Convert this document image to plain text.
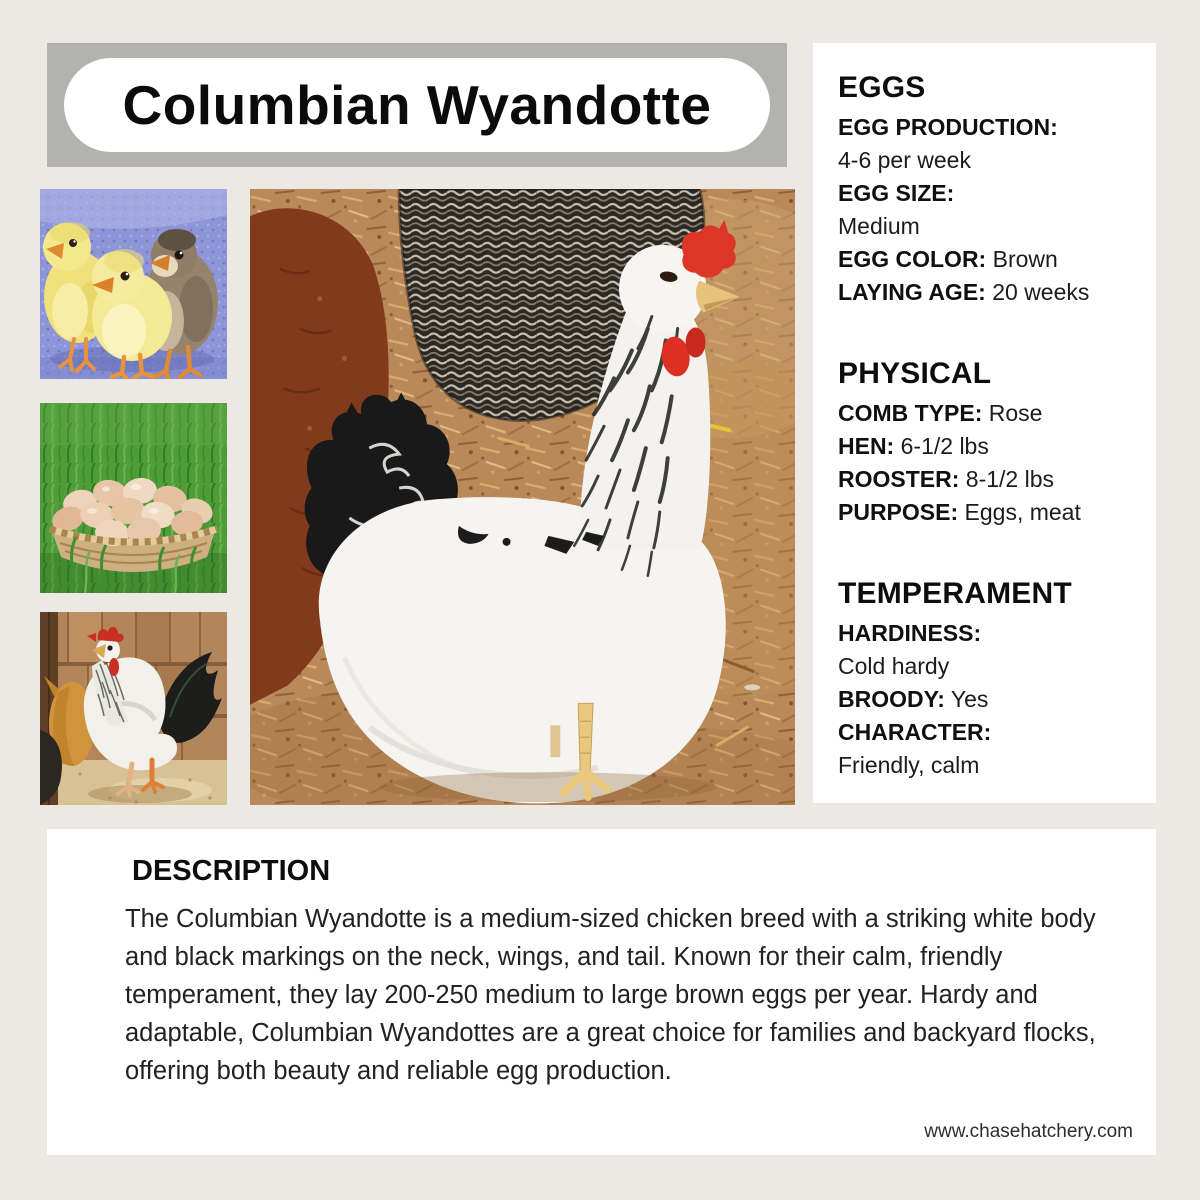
Columbian Wyandotte	EGGS
EGG PRODUCTION:
4-6 per week
EGG SIZE:
Medium
EGG COLOR: Brown
LAYING AGE: 20 weeks
PHYSICAL
COMB TYPE: Rose
HEN: 6-1/2 lbs
ROOSTER: 8-1/2 lbs
PURPOSE: Eggs, meat
TEMPERAMENT
HARDINESS:
Cold hardy
BROODY: Yes
CHARACTER:
Friendly, calm
DESCRIPTION

The Columbian Wyandotte is a medium-sized chicken breed with a striking white body and black markings on the neck, wings, and tail. Known for their calm, friendly temperament, they lay 200-250 medium to large brown eggs per year. Hardy and adaptable, Columbian Wyandottes are a great choice for families and backyard flocks, offering both beauty and reliable egg production.

www.chasehatchery.com
